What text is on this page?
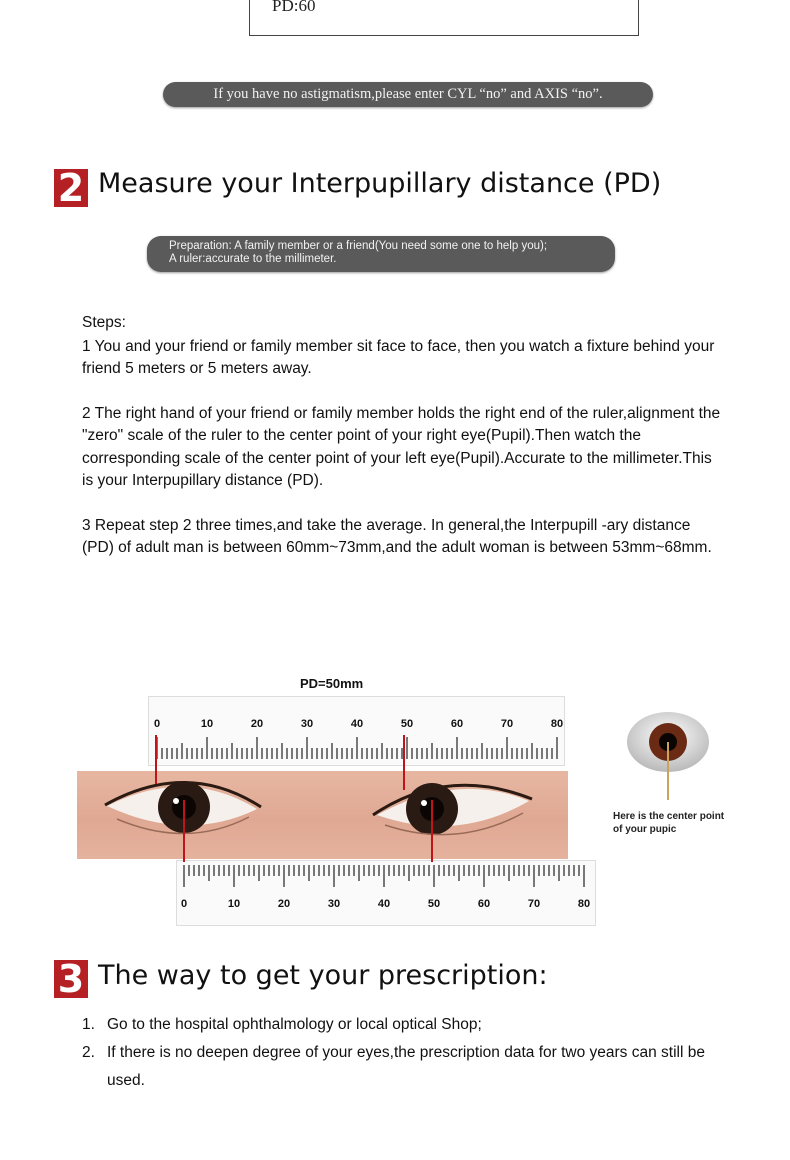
PD:60
If you have no astigmatism,please enter CYL “no” and AXIS “no”.
2 Measure your Interpupillary distance (PD)
Preparation: A family member or a friend(You need some one to help you);
A ruler:accurate to the millimeter.
Steps:

1 You and your friend or family member sit face to face, then you watch a fixture behind your friend 5 meters or 5 meters away.

2 The right hand of your friend or family member holds the right end of the ruler,alignment the "zero" scale of the ruler to the center point of your right eye(Pupil).Then watch the corresponding scale of the center point of your left eye(Pupil).Accurate to the millimeter.This is your Interpupillary distance (PD).

3 Repeat step 2 three times,and take the average. In general,the Interpupill -ary distance (PD) of adult man is between 60mm~73mm,and the adult woman is between 53mm~68mm.

PD=50mm
0	10	20	30	40	50	60	70	80
0	10	20	30	40	50	60	70	80
Here is the center point
of your pupic
3 The way to get your prescription:
1. Go to the hospital ophthalmology or local optical Shop;
2. If there is no deepen degree of your eyes,the prescription data for two years can still be used.
